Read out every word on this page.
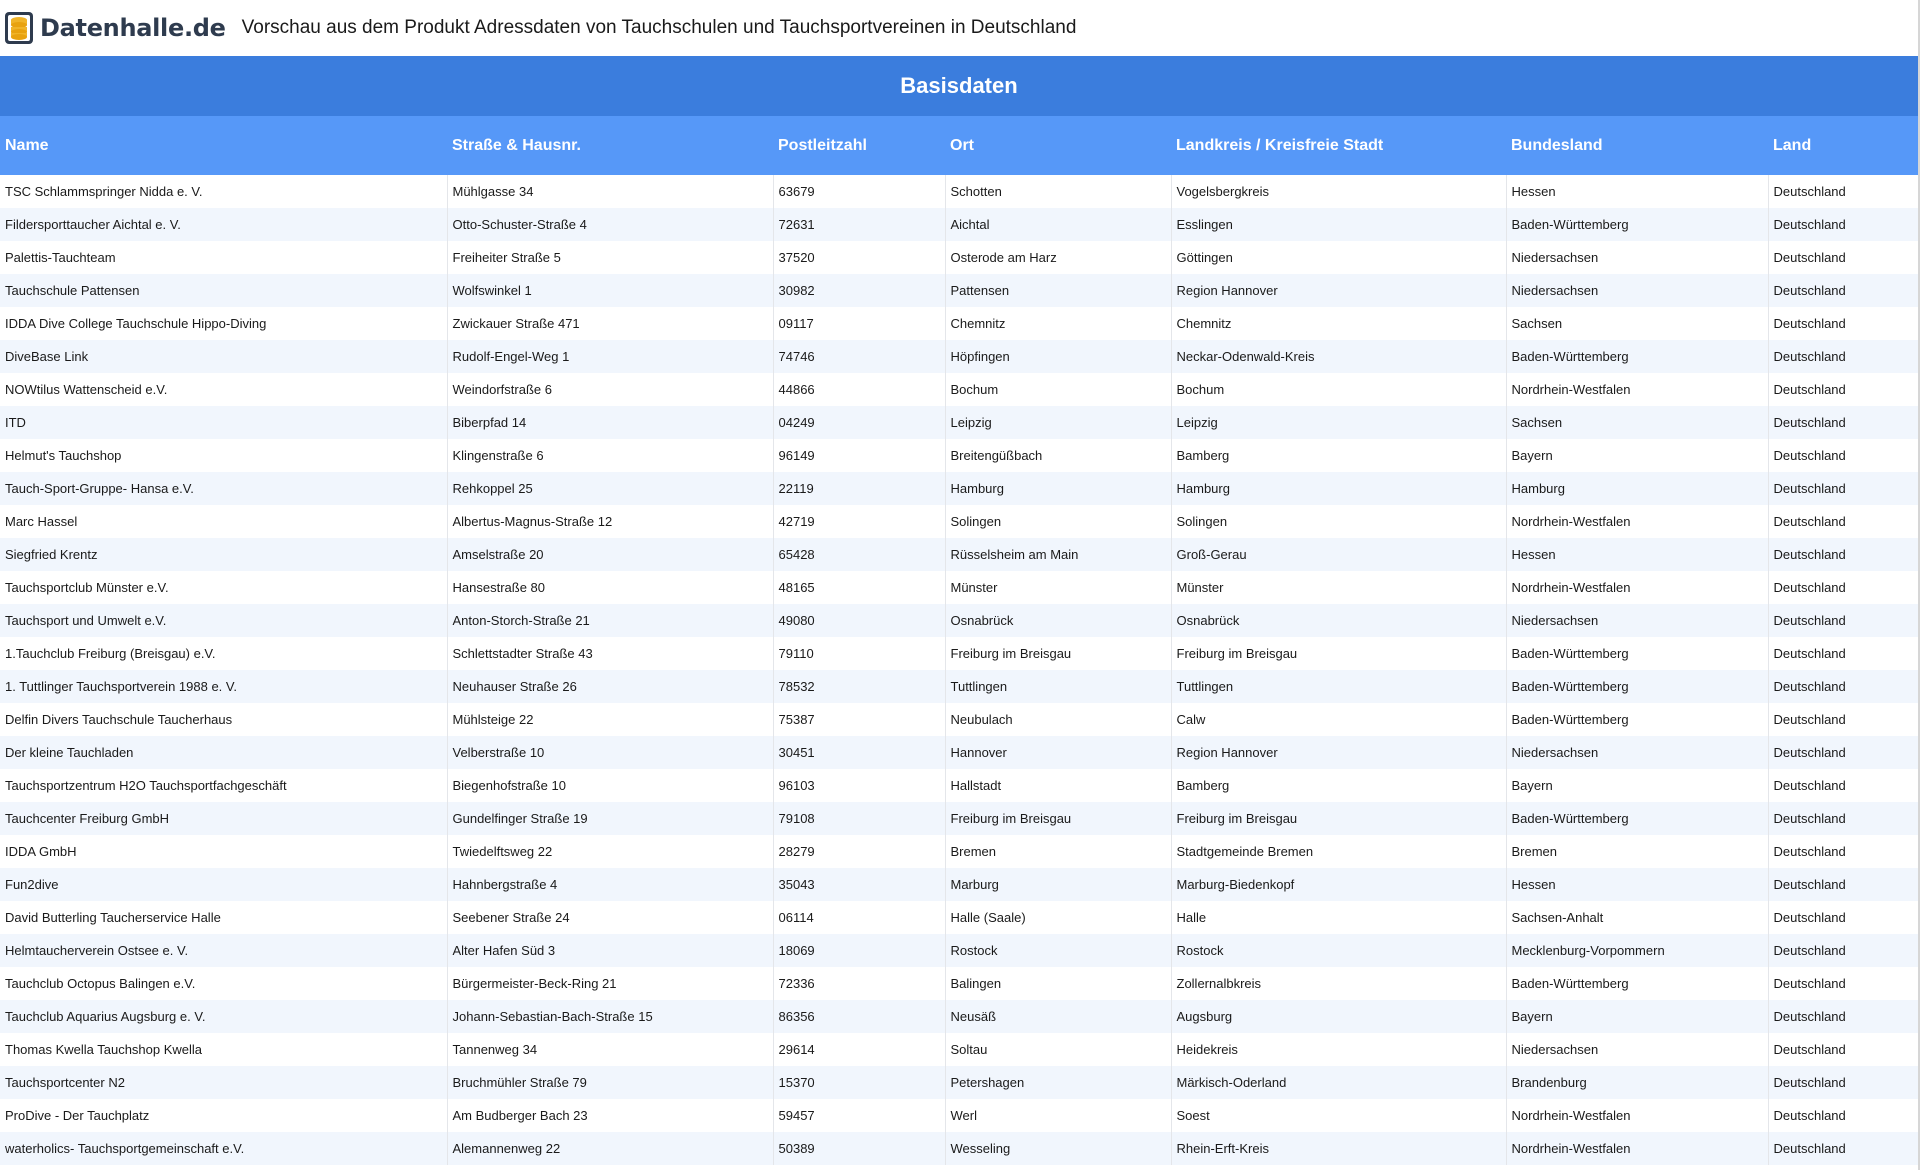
Datenhalle.de Vorschau aus dem Produkt Adressdaten von Tauchschulen und Tauchsportvereinen in Deutschland
Basisdaten
Name	Straße & Hausnr.	Postleitzahl	Ort	Landkreis / Kreisfreie Stadt	Bundesland	Land
TSC Schlammspringer Nidda e. V.	Mühlgasse 34	63679	Schotten	Vogelsbergkreis	Hessen	Deutschland
Fildersporttaucher Aichtal e. V.	Otto-Schuster-Straße 4	72631	Aichtal	Esslingen	Baden-Württemberg	Deutschland
Palettis-Tauchteam	Freiheiter Straße 5	37520	Osterode am Harz	Göttingen	Niedersachsen	Deutschland
Tauchschule Pattensen	Wolfswinkel 1	30982	Pattensen	Region Hannover	Niedersachsen	Deutschland
IDDA Dive College Tauchschule Hippo-Diving	Zwickauer Straße 471	09117	Chemnitz	Chemnitz	Sachsen	Deutschland
DiveBase Link	Rudolf-Engel-Weg 1	74746	Höpfingen	Neckar-Odenwald-Kreis	Baden-Württemberg	Deutschland
NOWtilus Wattenscheid e.V.	Weindorfstraße 6	44866	Bochum	Bochum	Nordrhein-Westfalen	Deutschland
ITD	Biberpfad 14	04249	Leipzig	Leipzig	Sachsen	Deutschland
Helmut's Tauchshop	Klingenstraße 6	96149	Breitengüßbach	Bamberg	Bayern	Deutschland
Tauch-Sport-Gruppe- Hansa e.V.	Rehkoppel 25	22119	Hamburg	Hamburg	Hamburg	Deutschland
Marc Hassel	Albertus-Magnus-Straße 12	42719	Solingen	Solingen	Nordrhein-Westfalen	Deutschland
Siegfried Krentz	Amselstraße 20	65428	Rüsselsheim am Main	Groß-Gerau	Hessen	Deutschland
Tauchsportclub Münster e.V.	Hansestraße 80	48165	Münster	Münster	Nordrhein-Westfalen	Deutschland
Tauchsport und Umwelt e.V.	Anton-Storch-Straße 21	49080	Osnabrück	Osnabrück	Niedersachsen	Deutschland
1.Tauchclub Freiburg (Breisgau) e.V.	Schlettstadter Straße 43	79110	Freiburg im Breisgau	Freiburg im Breisgau	Baden-Württemberg	Deutschland
1. Tuttlinger Tauchsportverein 1988 e. V.	Neuhauser Straße 26	78532	Tuttlingen	Tuttlingen	Baden-Württemberg	Deutschland
Delfin Divers Tauchschule Taucherhaus	Mühlsteige 22	75387	Neubulach	Calw	Baden-Württemberg	Deutschland
Der kleine Tauchladen	Velberstraße 10	30451	Hannover	Region Hannover	Niedersachsen	Deutschland
Tauchsportzentrum H2O Tauchsportfachgeschäft	Biegenhofstraße 10	96103	Hallstadt	Bamberg	Bayern	Deutschland
Tauchcenter Freiburg GmbH	Gundelfinger Straße 19	79108	Freiburg im Breisgau	Freiburg im Breisgau	Baden-Württemberg	Deutschland
IDDA GmbH	Twiedelftsweg 22	28279	Bremen	Stadtgemeinde Bremen	Bremen	Deutschland
Fun2dive	Hahnbergstraße 4	35043	Marburg	Marburg-Biedenkopf	Hessen	Deutschland
David Butterling Taucherservice Halle	Seebener Straße 24	06114	Halle (Saale)	Halle	Sachsen-Anhalt	Deutschland
Helmtaucherverein Ostsee e. V.	Alter Hafen Süd 3	18069	Rostock	Rostock	Mecklenburg-Vorpommern	Deutschland
Tauchclub Octopus Balingen e.V.	Bürgermeister-Beck-Ring 21	72336	Balingen	Zollernalbkreis	Baden-Württemberg	Deutschland
Tauchclub Aquarius Augsburg e. V.	Johann-Sebastian-Bach-Straße 15	86356	Neusäß	Augsburg	Bayern	Deutschland
Thomas Kwella Tauchshop Kwella	Tannenweg 34	29614	Soltau	Heidekreis	Niedersachsen	Deutschland
Tauchsportcenter N2	Bruchmühler Straße 79	15370	Petershagen	Märkisch-Oderland	Brandenburg	Deutschland
ProDive - Der Tauchplatz	Am Budberger Bach 23	59457	Werl	Soest	Nordrhein-Westfalen	Deutschland
waterholics- Tauchsportgemeinschaft e.V.	Alemannenweg 22	50389	Wesseling	Rhein-Erft-Kreis	Nordrhein-Westfalen	Deutschland
